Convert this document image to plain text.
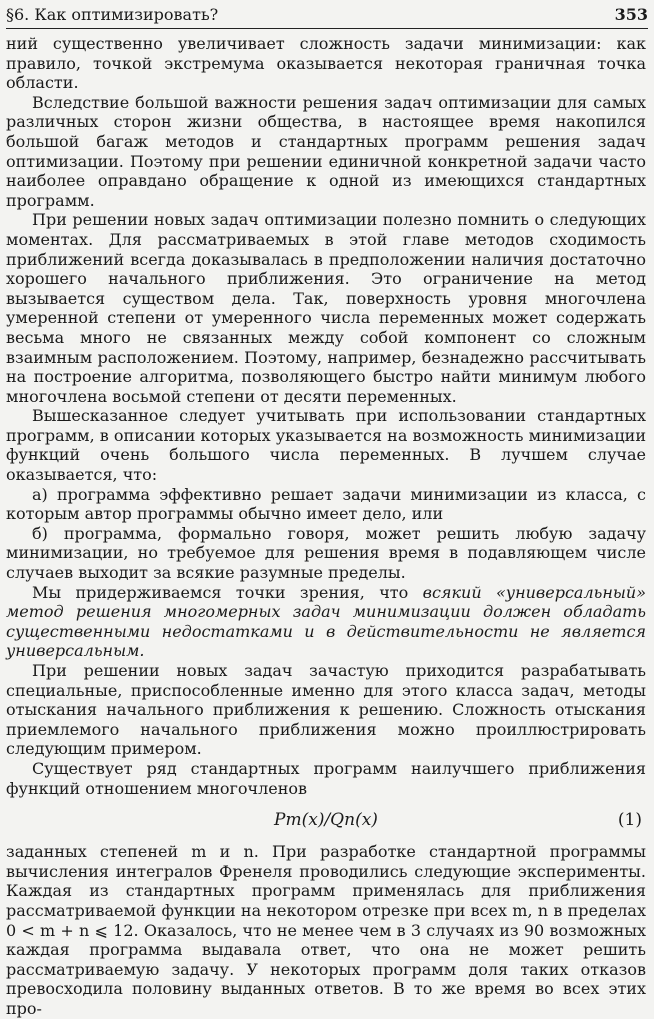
§6. Как оптимизировать?	353

ний существенно увеличивает сложность задачи минимизации: как правило, точкой экстремума оказывается некоторая граничная точка области.

Вследствие большой важности решения задач оптимизации для самых различных сторон жизни общества, в настоящее время накопился большой багаж методов и стандартных программ решения задач оптимизации. Поэтому при решении единичной конкретной задачи часто наиболее оправдано обращение к одной из имеющихся стандартных программ.

При решении новых задач оптимизации полезно помнить о следующих моментах. Для рассматриваемых в этой главе методов сходимость приближений всегда доказывалась в предположении наличия достаточно хорошего начального приближения. Это ограничение на метод вызывается существом дела. Так, поверхность уровня многочлена умеренной степени от умеренного числа переменных может содержать весьма много не связанных между собой компонент со сложным взаимным расположением. Поэтому, например, безнадежно рассчитывать на построение алгоритма, позволяющего быстро найти минимум любого многочлена восьмой степени от десяти переменных.

Вышесказанное следует учитывать при использовании стандартных программ, в описании которых указывается на возможность минимизации функций очень большого числа переменных. В лучшем случае оказывается, что:

а) программа эффективно решает задачи минимизации из класса, с которым автор программы обычно имеет дело, или

б) программа, формально говоря, может решить любую задачу минимизации, но требуемое для решения время в подавляющем числе случаев выходит за всякие разумные пределы.

Мы придерживаемся точки зрения, что всякий «универсальный» метод решения многомерных задач минимизации должен обладать существенными недостатками и в действительности не является универсальным.

При решении новых задач зачастую приходится разрабатывать специальные, приспособленные именно для этого класса задач, методы отыскания начального приближения к решению. Сложность отыскания приемлемого начального приближения можно проиллюстрировать следующим примером.

Существует ряд стандартных программ наилучшего приближения функций отношением многочленов

Pm(x)/Qn(x)	(1)

заданных степеней m и n. При разработке стандартной программы вычисления интегралов Френеля проводились следующие эксперименты. Каждая из стандартных программ применялась для приближения рассматриваемой функции на некотором отрезке при всех m, n в пределах 0 < m + n ⩽ 12. Оказалось, что не менее чем в 3 случаях из 90 возможных каждая программа выдавала ответ, что она не может решить рассматриваемую задачу. У некоторых программ доля таких отказов превосходила половину выданных ответов. В то же время во всех этих про-
